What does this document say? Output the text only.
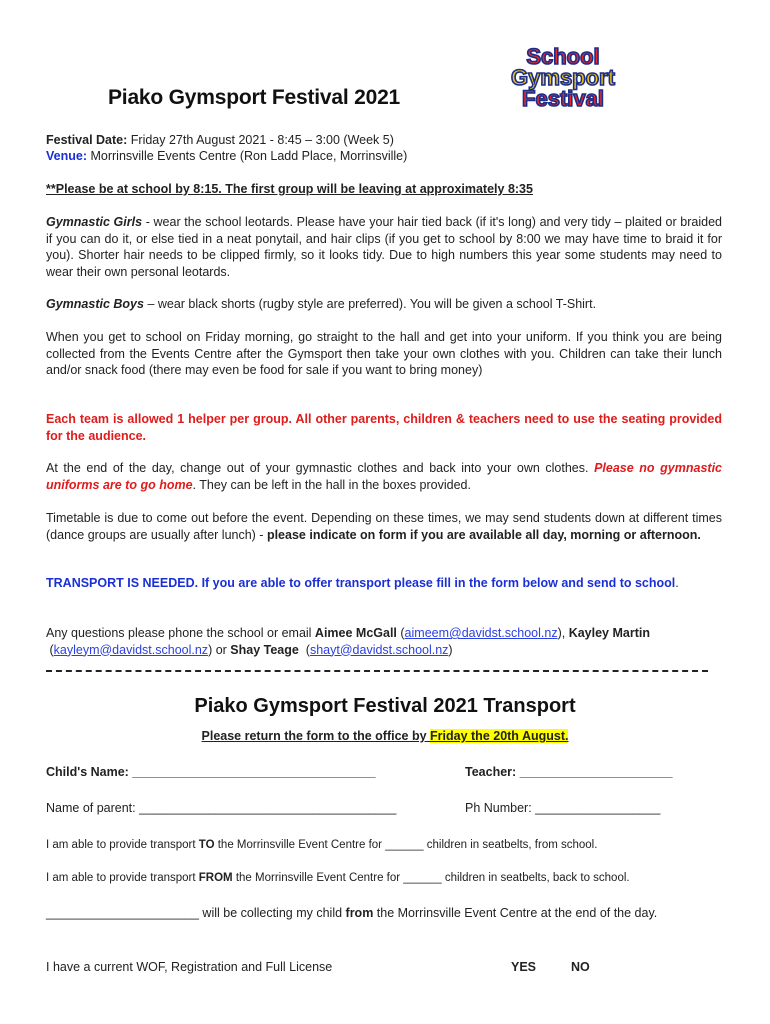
School
Gymsport
Festival
Piako Gymsport Festival 2021
Festival Date: Friday 27th August 2021 - 8:45 – 3:00 (Week 5)
Venue: Morrinsville Events Centre (Ron Ladd Place, Morrinsville)
**Please be at school by 8:15. The first group will be leaving at approximately 8:35
Gymnastic Girls - wear the school leotards. Please have your hair tied back (if it's long) and very tidy – plaited or braided if you can do it, or else tied in a neat ponytail, and hair clips (if you get to school by 8:00 we may have time to braid it for you). Shorter hair needs to be clipped firmly, so it looks tidy. Due to high numbers this year some students may need to wear their own personal leotards.
Gymnastic Boys – wear black shorts (rugby style are preferred). You will be given a school T-Shirt.
When you get to school on Friday morning, go straight to the hall and get into your uniform. If you think you are being collected from the Events Centre after the Gymsport then take your own clothes with you. Children can take their lunch and/or snack food (there may even be food for sale if you want to bring money)
Each team is allowed 1 helper per group. All other parents, children & teachers need to use the seating provided for the audience.
At the end of the day, change out of your gymnastic clothes and back into your own clothes. Please no gymnastic uniforms are to go home. They can be left in the hall in the boxes provided.
Timetable is due to come out before the event. Depending on these times, we may send students down at different times (dance groups are usually after lunch) - please indicate on form if you are available all day, morning or afternoon.
TRANSPORT IS NEEDED. If you are able to offer transport please fill in the form below and send to school.
Any questions please phone the school or email Aimee McGall (aimeem@davidst.school.nz), Kayley Martin  (kayleym@davidst.school.nz) or Shay Teage  (shayt@davidst.school.nz)
Piako Gymsport Festival 2021 Transport
Please return the form to the office by Friday the 20th August.
Child's Name: ___________________________________	Teacher: ______________________
Name of parent: _____________________________________	Ph Number: __________________
I am able to provide transport TO the Morrinsville Event Centre for ______ children in seatbelts, from school.
I am able to provide transport FROM the Morrinsville Event Centre for ______ children in seatbelts, back to school.
______________________ will be collecting my child from the Morrinsville Event Centre at the end of the day.
I have a current WOF, Registration and Full License	YES	NO
